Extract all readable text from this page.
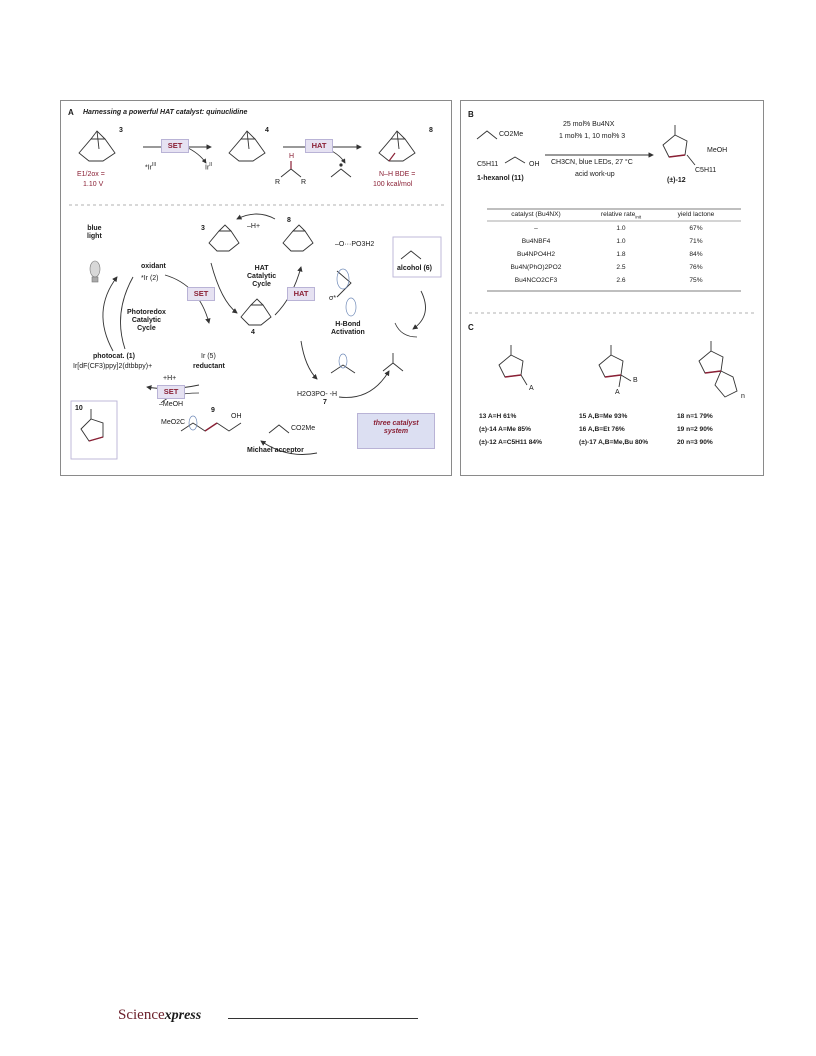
A Harnessing a powerful HAT catalyst: quinuclidine
3	4	8
SET	HAT
$*Ir^{III}$	$Ir^{II}$
E1/2ox =
1.10 V
N–H BDE =
100 kcal/mol
R	R
H
blue
light
oxidant
*Ir (2)
Photoredox
Catalytic
Cycle
photocat. (1)
Ir[dF(CF3)ppy]2(dtbbpy)+
3
8
4
–H+
HAT
Catalytic
Cycle
SET	HAT
Ir (5)
reductant
H-Bond
Activation
alcohol (6)
–O···PO3H2
σ*
+H+
–MeOH
SET
10	9
7
MeO2C
OH
H2O3PO- -H
CO2Me
Michael acceptor
three catalyst
system
B
CO2Me
C5H11	OH
1-hexanol (11)
25 mol% Bu4NX
1 mol% 1, 10 mol% 3
CH3CN, blue LEDs, 27 °C
acid work-up
(±)-12
C5H11
MeOH
catalyst (Bu4NX)	relative rate$_{init}$	yield lactone
–	1.0	67%
Bu4NBF4	1.0	71%
Bu4NPO4H2	1.8	84%
Bu4N(PhO)2PO2	2.5	76%
Bu4NCO2CF3	2.6	75%
C
A
A
B
n
13 A=H 61%
(±)-14 A=Me 85%
(±)-12 A=C5H11 84%
15 A,B=Me 93%
16 A,B=Et 76%
(±)-17 A,B=Me,Bu 80%
18 n=1 79%
19 n=2 90%
20 n=3 90%
Sciencexpress
